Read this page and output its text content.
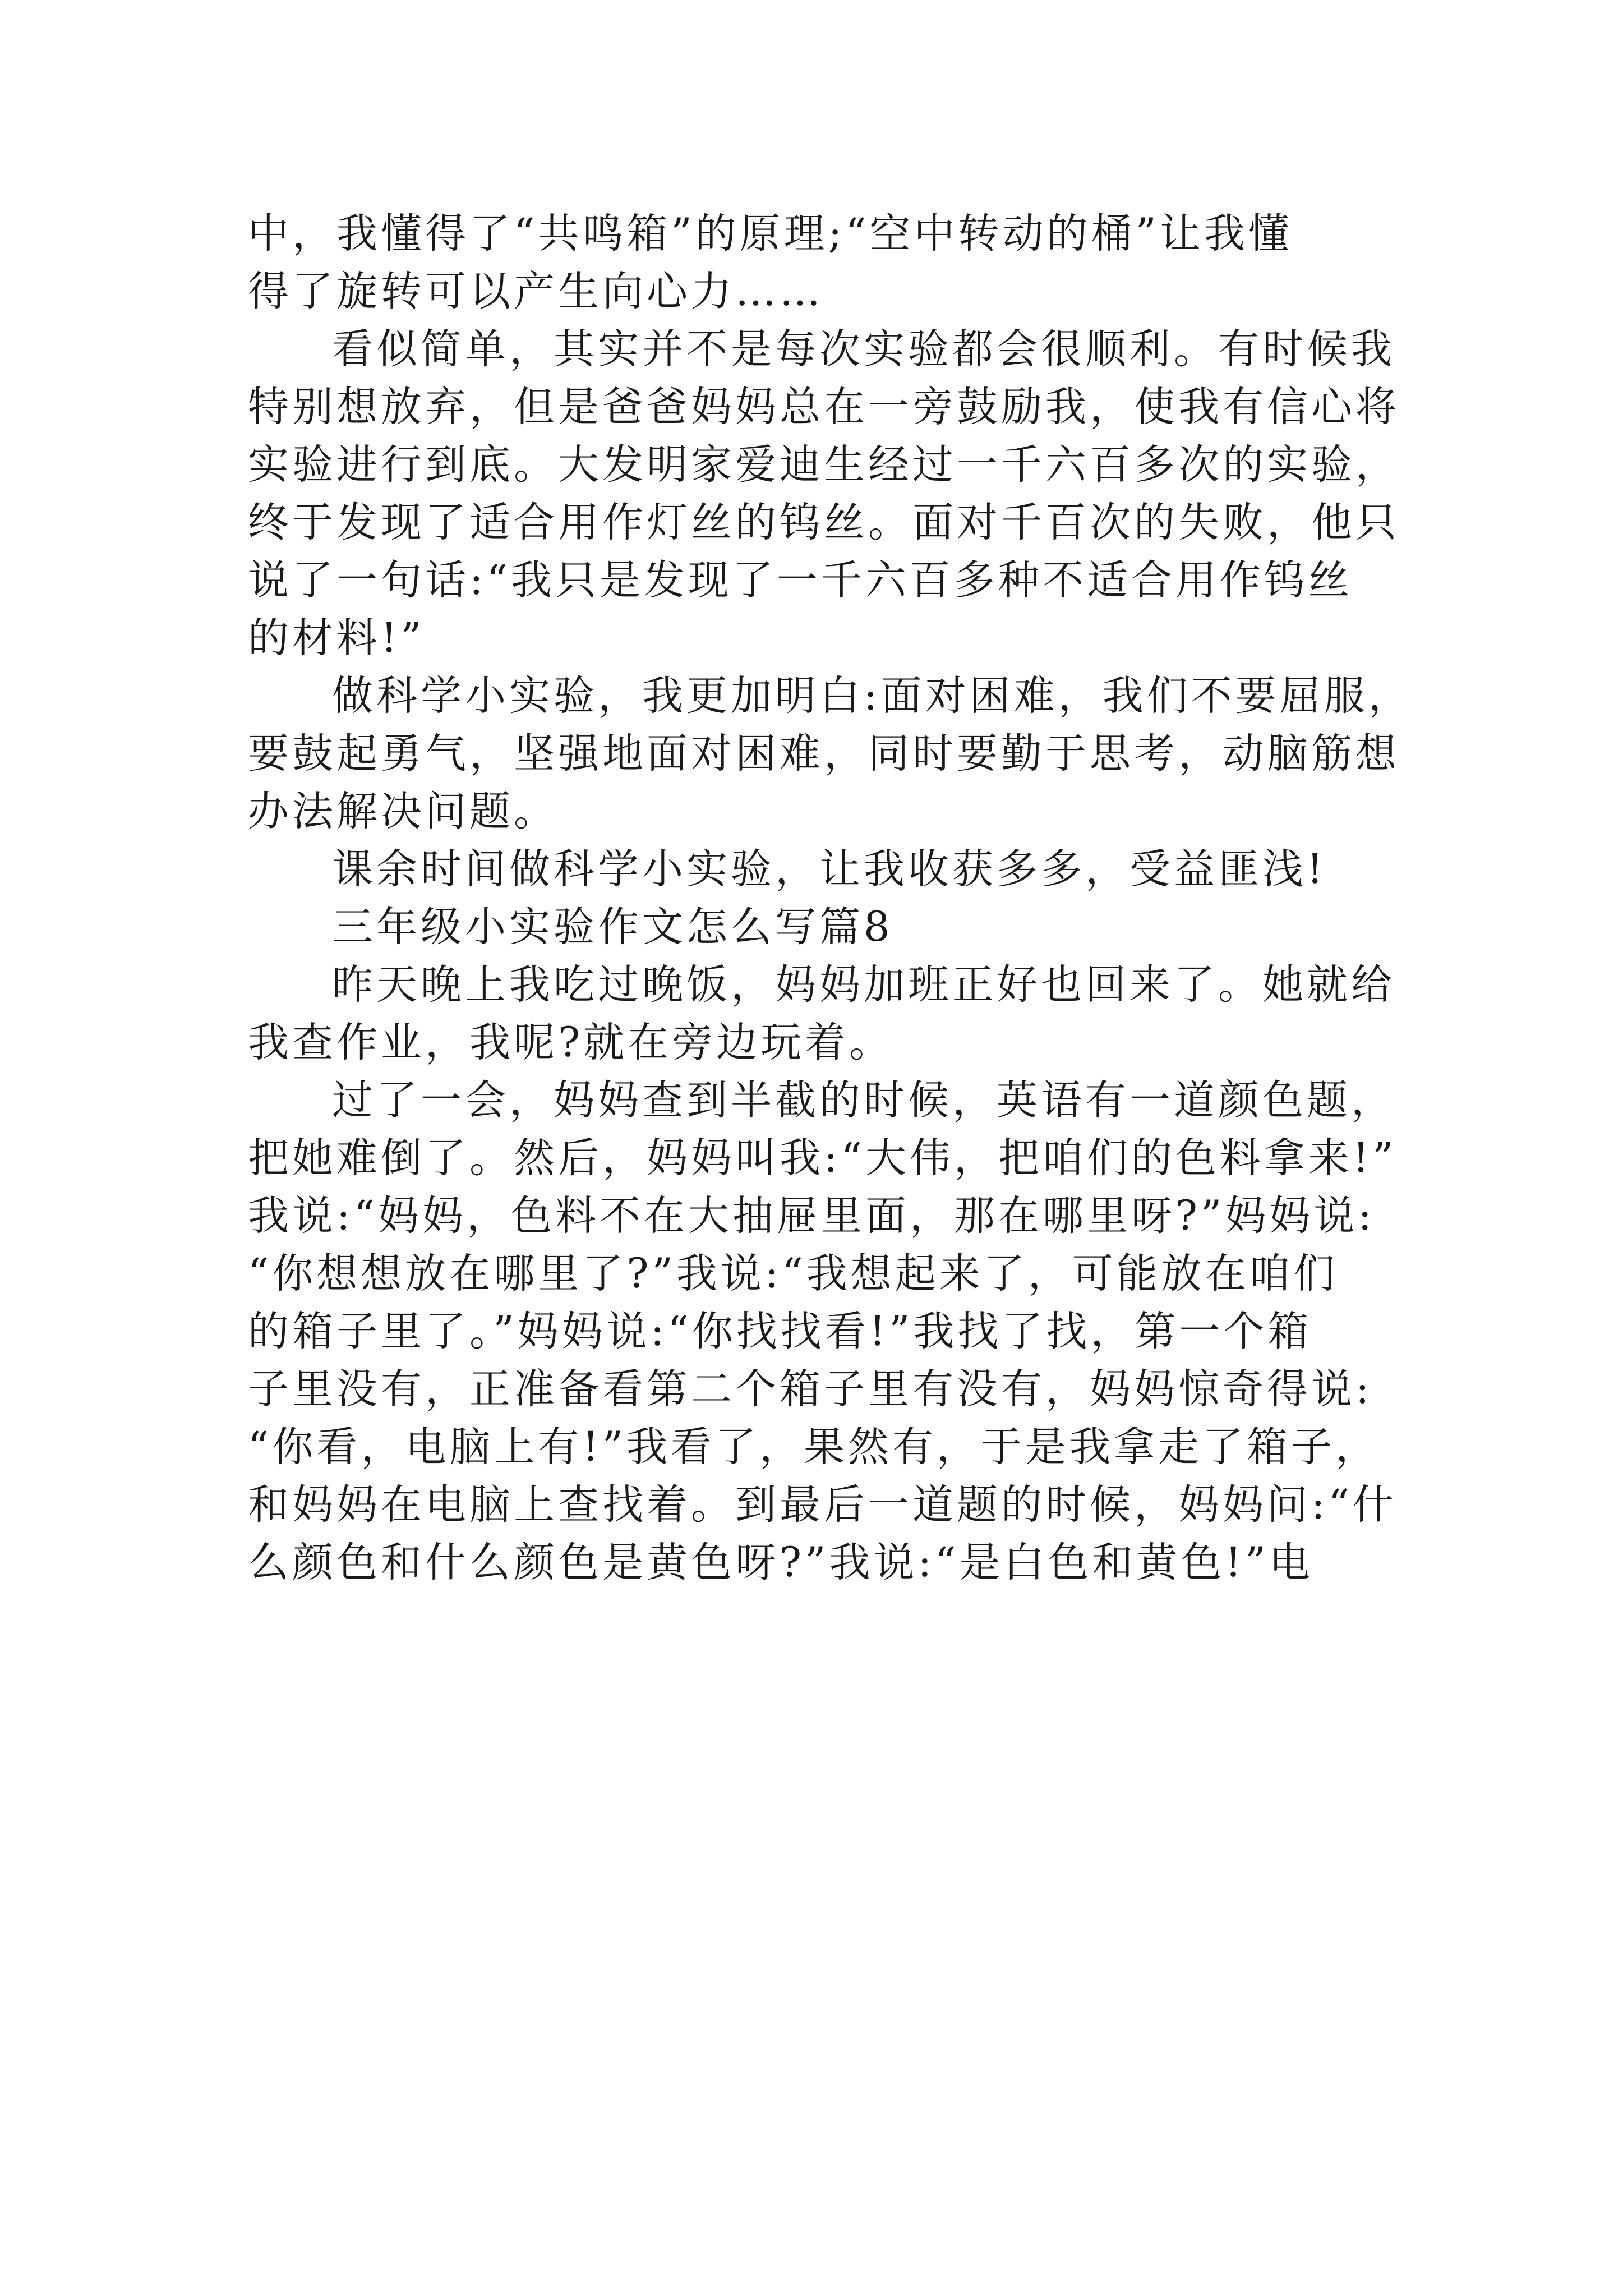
中，我懂得了“共鸣箱”的原理;“空中转动的桶”让我懂
得了旋转可以产生向心力……
看似简单，其实并不是每次实验都会很顺利。有时候我
特别想放弃，但是爸爸妈妈总在一旁鼓励我，使我有信心将
实验进行到底。大发明家爱迪生经过一千六百多次的实验，
终于发现了适合用作灯丝的钨丝。面对千百次的失败，他只
说了一句话:“我只是发现了一千六百多种不适合用作钨丝
的材料!”
做科学小实验，我更加明白:面对困难，我们不要屈服，
要鼓起勇气，坚强地面对困难，同时要勤于思考，动脑筋想
办法解决问题。
课余时间做科学小实验，让我收获多多，受益匪浅!
三年级小实验作文怎么写篇8
昨天晚上我吃过晚饭，妈妈加班正好也回来了。她就给
我查作业，我呢?就在旁边玩着。
过了一会，妈妈查到半截的时候，英语有一道颜色题，
把她难倒了。然后，妈妈叫我:“大伟，把咱们的色料拿来!”
我说:“妈妈，色料不在大抽屉里面，那在哪里呀?”妈妈说:
“你想想放在哪里了?”我说:“我想起来了，可能放在咱们
的箱子里了。”妈妈说:“你找找看!”我找了找，第一个箱
子里没有，正准备看第二个箱子里有没有，妈妈惊奇得说:
“你看，电脑上有!”我看了，果然有，于是我拿走了箱子，
和妈妈在电脑上查找着。到最后一道题的时候，妈妈问:“什
么颜色和什么颜色是黄色呀?”我说:“是白色和黄色!”电
